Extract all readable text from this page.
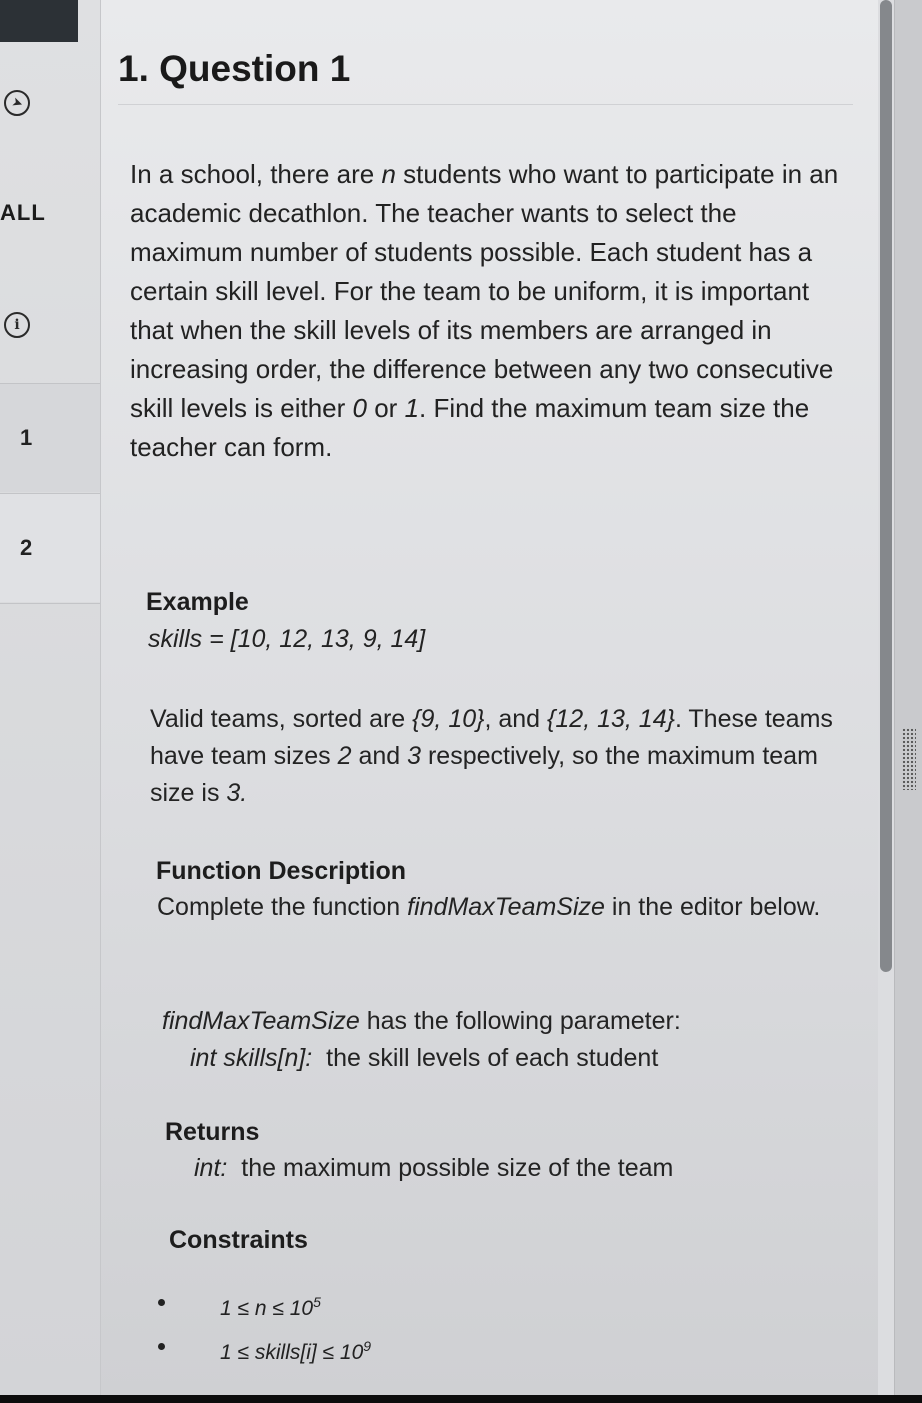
➤
ALL
i
1
2
1. Question 1

In a school, there are n students who want to participate in an academic decathlon. The teacher wants to select the maximum number of students possible. Each student has a certain skill level. For the team to be uniform, it is important that when the skill levels of its members are arranged in increasing order, the difference between any two consecutive skill levels is either 0 or 1. Find the maximum team size the teacher can form.

Example

skills = [10, 12, 13, 9, 14]

Valid teams, sorted are {9, 10}, and {12, 13, 14}. These teams have team sizes 2 and 3 respectively, so the maximum team size is 3.

Function Description

Complete the function findMaxTeamSize in the editor below.

findMaxTeamSize has the following parameter:

int skills[n]:  the skill levels of each student

Returns

int:  the maximum possible size of the team

Constraints
$1 \le n \le 10^5$
1 ≤ skills[i] ≤ $10^9$
